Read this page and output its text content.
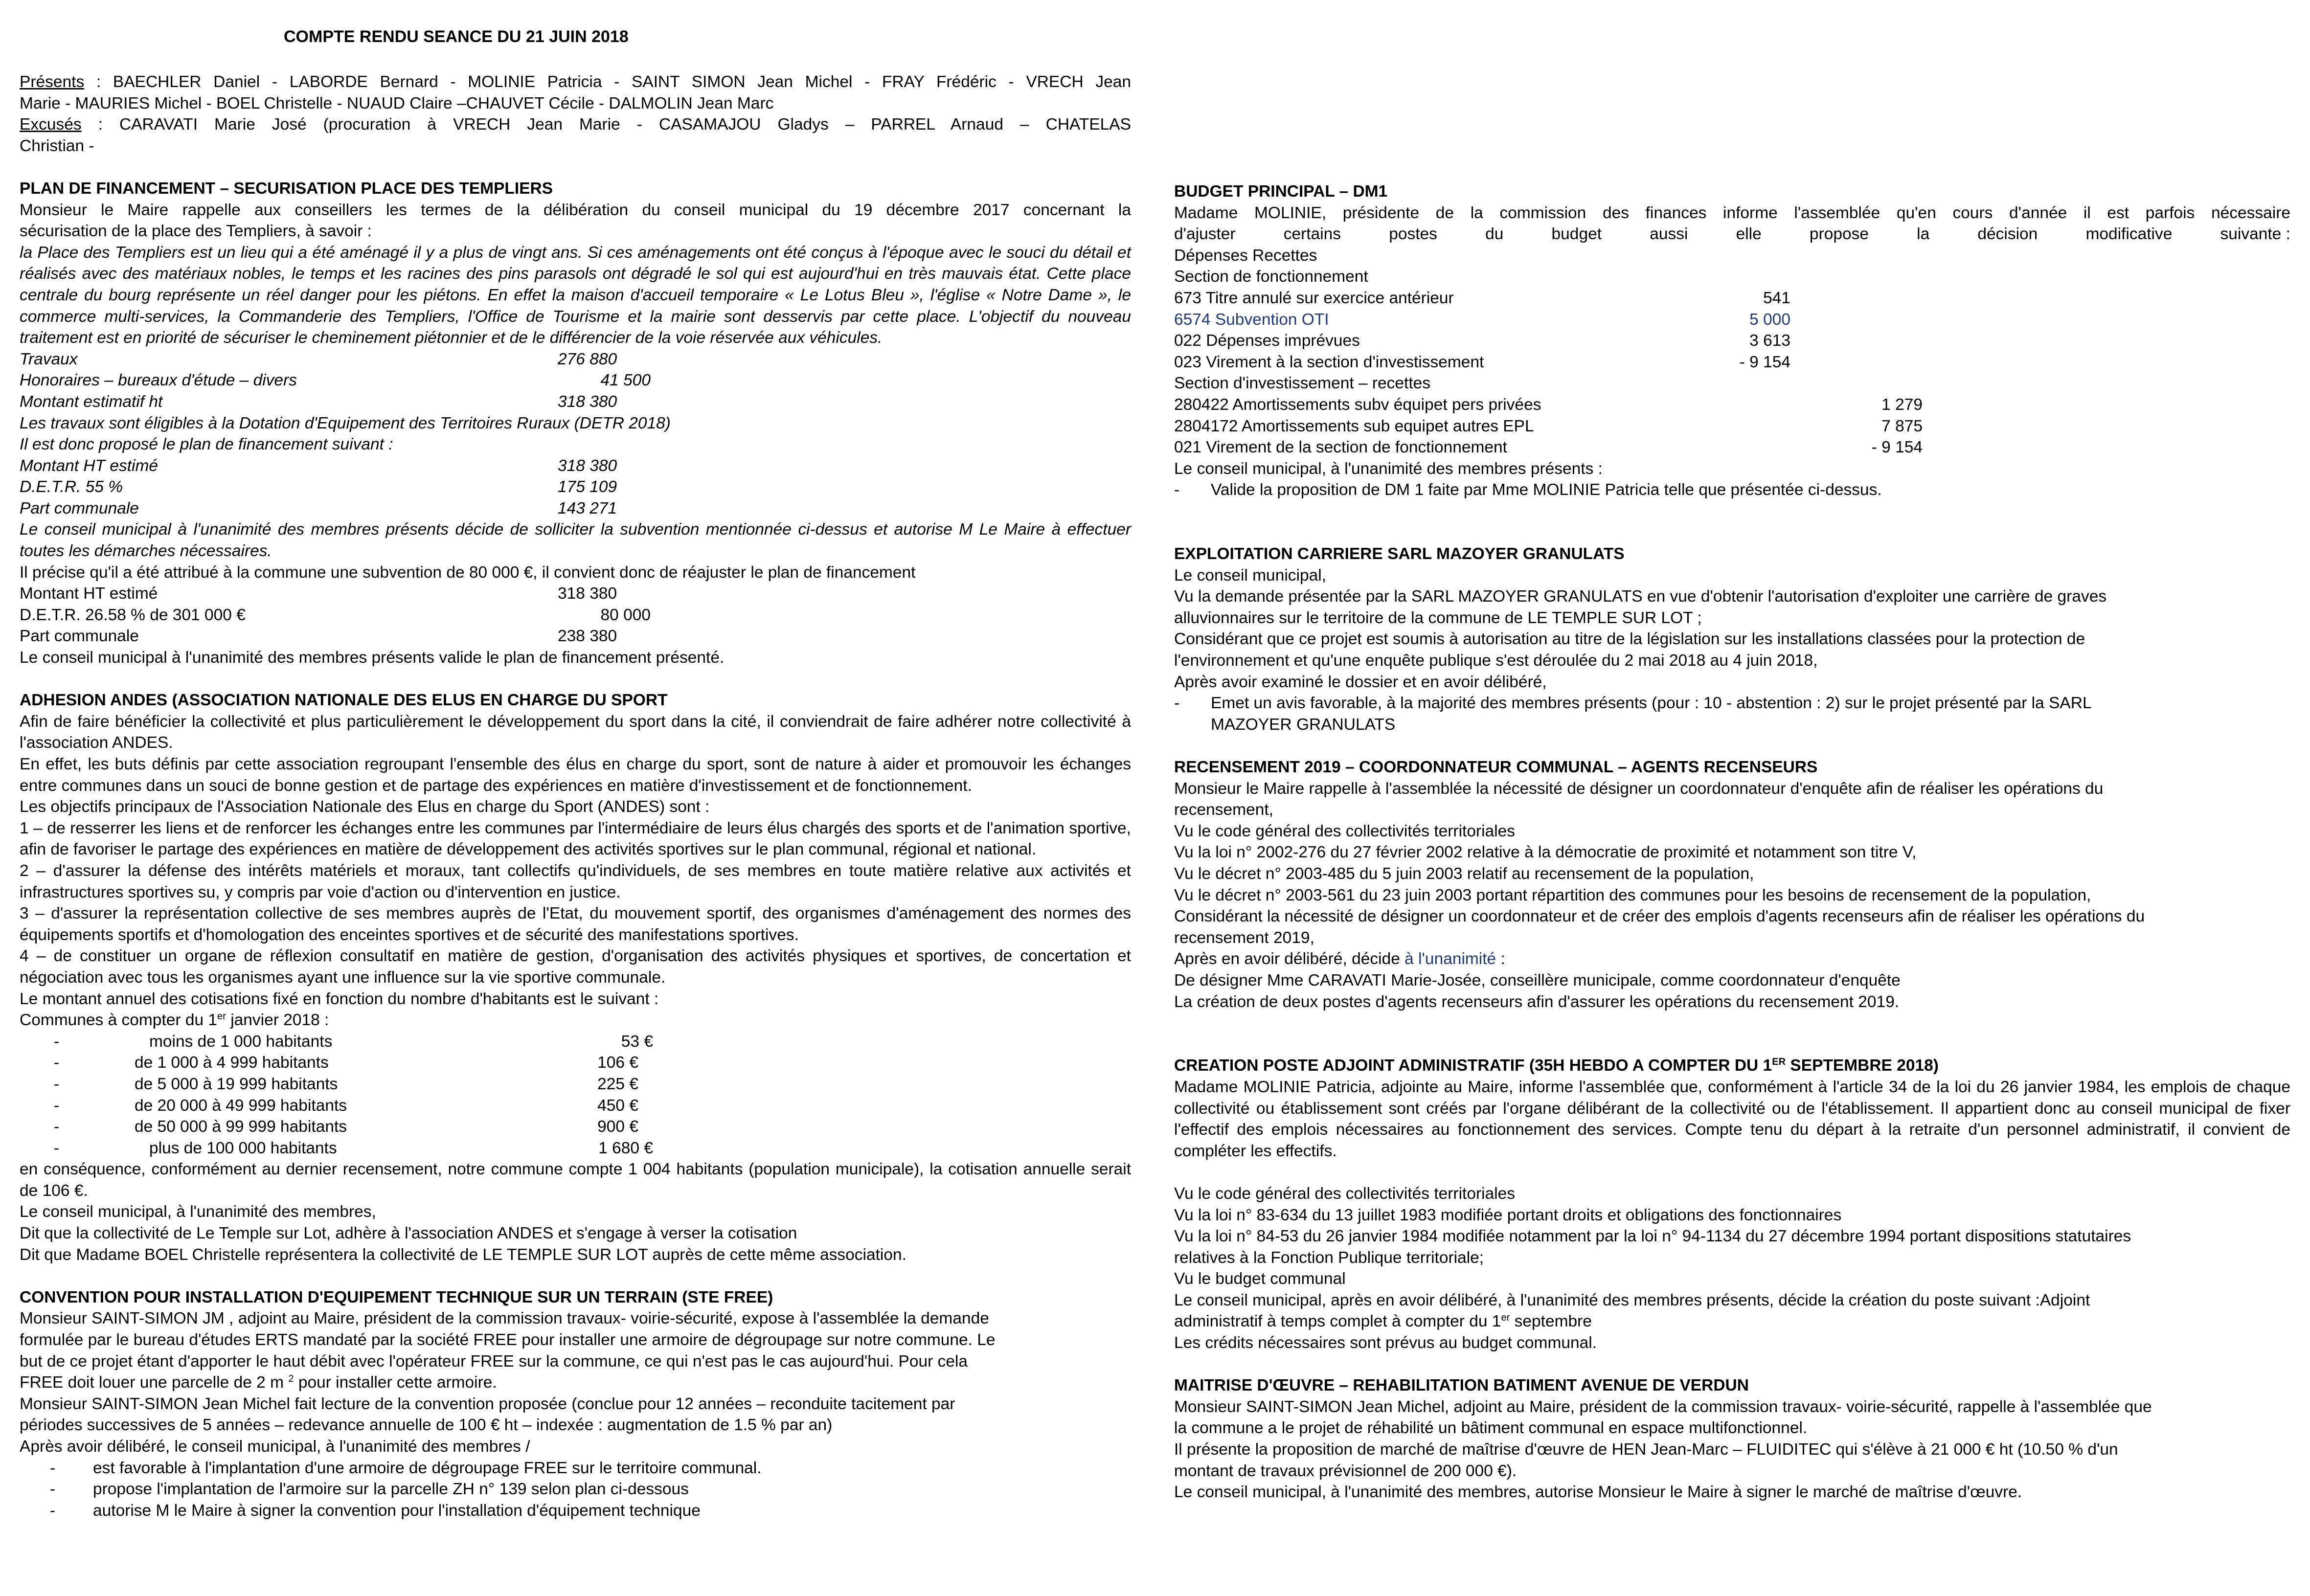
COMPTE RENDU SEANCE DU 21 JUIN 2018

Présents : BAECHLER Daniel - LABORDE Bernard - MOLINIE Patricia - SAINT SIMON Jean Michel - FRAY Frédéric - VRECH Jean

Marie - MAURIES Michel - BOEL Christelle - NUAUD Claire –CHAUVET Cécile - DALMOLIN Jean Marc

Excusés : CARAVATI Marie José (procuration à VRECH Jean Marie - CASAMAJOU Gladys – PARREL Arnaud – CHATELAS

Christian -

PLAN DE FINANCEMENT – SECURISATION PLACE DES TEMPLIERS

Monsieur le Maire rappelle aux conseillers les termes de la délibération du conseil municipal du 19 décembre 2017 concernant la

sécurisation de la place des Templiers, à savoir :

la Place des Templiers est un lieu qui a été aménagé il y a plus de vingt ans. Si ces aménagements ont été conçus à l'époque avec le souci du détail et réalisés avec des matériaux nobles, le temps et les racines des pins parasols ont dégradé le sol qui est aujourd'hui en très mauvais état. Cette place centrale du bourg représente un réel danger pour les piétons. En effet la maison d'accueil temporaire « Le Lotus Bleu », l'église « Notre Dame », le commerce multi-services, la Commanderie des Templiers, l'Office de Tourisme et la mairie sont desservis par cette place. L'objectif du nouveau traitement est en priorité de sécuriser le cheminement piétonnier et de le différencier de la voie réservée aux véhicules.

Travaux	276 880

Honoraires – bureaux d'étude – divers	41 500

Montant estimatif ht	318 380

Les travaux sont éligibles à la Dotation d'Equipement des Territoires Ruraux (DETR 2018)

Il est donc proposé le plan de financement suivant :

Montant HT estimé	318 380

D.E.T.R. 55 %	175 109

Part communale	143 271

Le conseil municipal à l'unanimité des membres présents décide de solliciter la subvention mentionnée ci-dessus et autorise M Le Maire à effectuer toutes les démarches nécessaires.

Il précise qu'il a été attribué à la commune une subvention de 80 000 €, il convient donc de réajuster le plan de financement

Montant HT estimé	318 380

D.E.T.R. 26.58 % de 301 000 €	80 000

Part communale	238 380

Le conseil municipal à l'unanimité des membres présents valide le plan de financement présenté.

ADHESION ANDES (ASSOCIATION NATIONALE DES ELUS EN CHARGE DU SPORT

Afin de faire bénéficier la collectivité et plus particulièrement le développement du sport dans la cité, il conviendrait de faire adhérer notre collectivité à l'association ANDES.

En effet, les buts définis par cette association regroupant l'ensemble des élus en charge du sport, sont de nature à aider et promouvoir les échanges entre communes dans un souci de bonne gestion et de partage des expériences en matière d'investissement et de fonctionnement.

Les objectifs principaux de l'Association Nationale des Elus en charge du Sport (ANDES) sont :

1 – de resserrer les liens et de renforcer les échanges entre les communes par l'intermédiaire de leurs élus chargés des sports et de l'animation sportive, afin de favoriser le partage des expériences en matière de développement des activités sportives sur le plan communal, régional et national.

2 – d'assurer la défense des intérêts matériels et moraux, tant collectifs qu'individuels, de ses membres en toute matière relative aux activités et infrastructures sportives su, y compris par voie d'action ou d'intervention en justice.

3 – d'assurer la représentation collective de ses membres auprès de l'Etat, du mouvement sportif, des organismes d'aménagement des normes des équipements sportifs et d'homologation des enceintes sportives et de sécurité des manifestations sportives.

4 – de constituer un organe de réflexion consultatif en matière de gestion, d'organisation des activités physiques et sportives, de concertation et négociation avec tous les organismes ayant une influence sur la vie sportive communale.

Le montant annuel des cotisations fixé en fonction du nombre d'habitants est le suivant :

Communes à compter du 1er janvier 2018 :

-	moins de 1 000 habitants	53 €

-	de 1 000 à 4 999 habitants	106 €

-	de 5 000 à 19 999 habitants	225 €

-	de 20 000 à 49 999 habitants	450 €

-	de 50 000 à 99 999 habitants	900 €

-	plus de 100 000 habitants	1 680 €

en conséquence, conformément au dernier recensement, notre commune compte 1 004 habitants (population municipale), la cotisation annuelle serait de 106 €.

Le conseil municipal, à l'unanimité des membres,

Dit que la collectivité de Le Temple sur Lot, adhère à l'association ANDES et s'engage à verser la cotisation

Dit que Madame BOEL Christelle représentera la collectivité de LE TEMPLE SUR LOT auprès de cette même association.

CONVENTION POUR INSTALLATION D'EQUIPEMENT TECHNIQUE SUR UN TERRAIN (STE FREE)

Monsieur SAINT-SIMON JM , adjoint au Maire, président de la commission travaux- voirie-sécurité, expose à l'assemblée la demande

formulée par le bureau d'études ERTS mandaté par la société FREE pour installer une armoire de dégroupage sur notre commune. Le

but de ce projet étant d'apporter le haut débit avec l'opérateur FREE sur la commune, ce qui n'est pas le cas aujourd'hui. Pour cela

FREE doit louer une parcelle de 2 m $^2$ pour installer cette armoire.

Monsieur SAINT-SIMON Jean Michel fait lecture de la convention proposée (conclue pour 12 années – reconduite tacitement par

périodes successives de 5 années – redevance annuelle de 100 € ht – indexée : augmentation de 1.5 % par an)

Après avoir délibéré, le conseil municipal, à l'unanimité des membres /

-	est favorable à l'implantation d'une armoire de dégroupage FREE sur le territoire communal.

-	propose l'implantation de l'armoire sur la parcelle ZH n° 139 selon plan ci-dessous

-	autorise M le Maire à signer la convention pour l'installation d'équipement technique

BUDGET PRINCIPAL – DM1

Madame MOLINIE, présidente de la commission des finances informe l'assemblée qu'en cours d'année il est parfois nécessaire

d'ajuster	certains	postes	du	budget	aussi	elle	propose	la	décision	modificative	suivante :

Dépenses Recettes

Section de fonctionnement

673 Titre annulé sur exercice antérieur	541

6574 Subvention OTI	5 000

022 Dépenses imprévues	3 613

023 Virement à la section d'investissement	- 9 154

Section d'investissement – recettes

280422 Amortissements subv équipet pers privées	1 279

2804172 Amortissements sub equipet autres EPL	7 875

021 Virement de la section de fonctionnement	- 9 154

Le conseil municipal, à l'unanimité des membres présents :

-	Valide la proposition de DM 1 faite par Mme MOLINIE Patricia telle que présentée ci-dessus.

EXPLOITATION CARRIERE SARL MAZOYER GRANULATS

Le conseil municipal,

Vu la demande présentée par la SARL MAZOYER GRANULATS en vue d'obtenir l'autorisation d'exploiter une carrière de graves

alluvionnaires sur le territoire de la commune de LE TEMPLE SUR LOT ;

Considérant que ce projet est soumis à autorisation au titre de la législation sur les installations classées pour la protection de

l'environnement et qu'une enquête publique s'est déroulée du 2 mai 2018 au 4 juin 2018,

Après avoir examiné le dossier et en avoir délibéré,

-	Emet un avis favorable, à la majorité des membres présents (pour : 10 - abstention : 2) sur le projet présenté par la SARL

MAZOYER GRANULATS

RECENSEMENT 2019 – COORDONNATEUR COMMUNAL – AGENTS RECENSEURS

Monsieur le Maire rappelle à l'assemblée la nécessité de désigner un coordonnateur d'enquête afin de réaliser les opérations du

recensement,

Vu le code général des collectivités territoriales

Vu la loi n° 2002-276 du 27 février 2002 relative à la démocratie de proximité et notamment son titre V,

Vu le décret n° 2003-485 du 5 juin 2003 relatif au recensement de la population,

Vu le décret n° 2003-561 du 23 juin 2003 portant répartition des communes pour les besoins de recensement de la population,

Considérant la nécessité de désigner un coordonnateur et de créer des emplois d'agents recenseurs afin de réaliser les opérations du

recensement 2019,

Après en avoir délibéré, décide à l'unanimité :

De désigner Mme CARAVATI Marie-Josée, conseillère municipale, comme coordonnateur d'enquête

La création de deux postes d'agents recenseurs afin d'assurer les opérations du recensement 2019.

CREATION POSTE ADJOINT ADMINISTRATIF (35H HEBDO A COMPTER DU 1ER SEPTEMBRE 2018)

Madame MOLINIE Patricia, adjointe au Maire, informe l'assemblée que, conformément à l'article 34 de la loi du 26 janvier 1984, les emplois de chaque collectivité ou établissement sont créés par l'organe délibérant de la collectivité ou de l'établissement. Il appartient donc au conseil municipal de fixer l'effectif des emplois nécessaires au fonctionnement des services. Compte tenu du départ à la retraite d'un personnel administratif, il convient de compléter les effectifs.

Vu le code général des collectivités territoriales

Vu la loi n° 83-634 du 13 juillet 1983 modifiée portant droits et obligations des fonctionnaires

Vu la loi n° 84-53 du 26 janvier 1984 modifiée notamment par la loi n° 94-1134 du 27 décembre 1994 portant dispositions statutaires

relatives à la Fonction Publique territoriale;

Vu le budget communal

Le conseil municipal, après en avoir délibéré, à l'unanimité des membres présents, décide la création du poste suivant :Adjoint

administratif à temps complet à compter du 1er septembre

Les crédits nécessaires sont prévus au budget communal.

MAITRISE D'ŒUVRE – REHABILITATION BATIMENT AVENUE DE VERDUN

Monsieur SAINT-SIMON Jean Michel, adjoint au Maire, président de la commission travaux- voirie-sécurité, rappelle à l'assemblée que

la commune a le projet de réhabilité un bâtiment communal en espace multifonctionnel.

Il présente la proposition de marché de maîtrise d'œuvre de HEN Jean-Marc – FLUIDITEC qui s'élève à 21 000 € ht (10.50 % d'un

montant de travaux prévisionnel de 200 000 €).

Le conseil municipal, à l'unanimité des membres, autorise Monsieur le Maire à signer le marché de maîtrise d'œuvre.
